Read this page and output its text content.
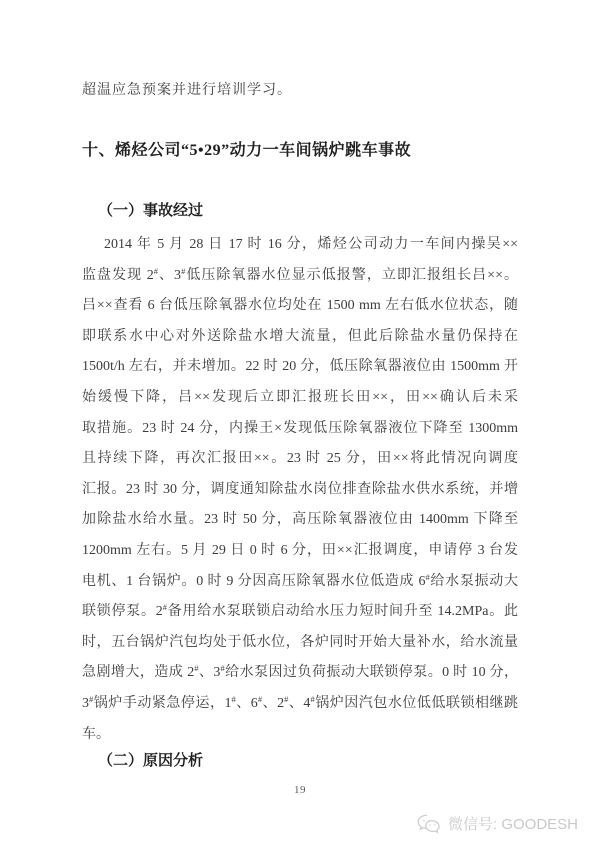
超温应急预案并进行培训学习。
十、烯烃公司“5•29”动力一车间锅炉跳车事故
（一）事故经过
2014 年 5 月 28 日 17 时 16 分，烯烃公司动力一车间内操吴××
监盘发现 2#、3#低压除氧器水位显示低报警，立即汇报组长吕××。
吕××查看 6 台低压除氧器水位均处在 1500 mm 左右低水位状态，随
即联系水中心对外送除盐水增大流量，但此后除盐水量仍保持在
1500t/h 左右，并未增加。22 时 20 分，低压除氧器液位由 1500mm 开
始缓慢下降，吕××发现后立即汇报班长田××，田××确认后未采
取措施。23 时 24 分，内操王×发现低压除氧器液位下降至 1300mm
且持续下降，再次汇报田××。23 时 25 分，田××将此情况向调度
汇报。23 时 30 分，调度通知除盐水岗位排查除盐水供水系统，并增
加除盐水给水量。23 时 50 分，高压除氧器液位由 1400mm 下降至
1200mm 左右。5 月 29 日 0 时 6 分，田××汇报调度，申请停 3 台发
电机、1 台锅炉。0 时 9 分因高压除氧器水位低造成 6#给水泵振动大
联锁停泵。2#备用给水泵联锁启动给水压力短时间升至 14.2MPa。此
时，五台锅炉汽包均处于低水位，各炉同时开始大量补水，给水流量
急剧增大，造成 2#、3#给水泵因过负荷振动大联锁停泵。0 时 10 分，
3#锅炉手动紧急停运，1#、6#、2#、4#锅炉因汽包水位低低联锁相继跳
车。
（二）原因分析
19
微信号: GOODESH
